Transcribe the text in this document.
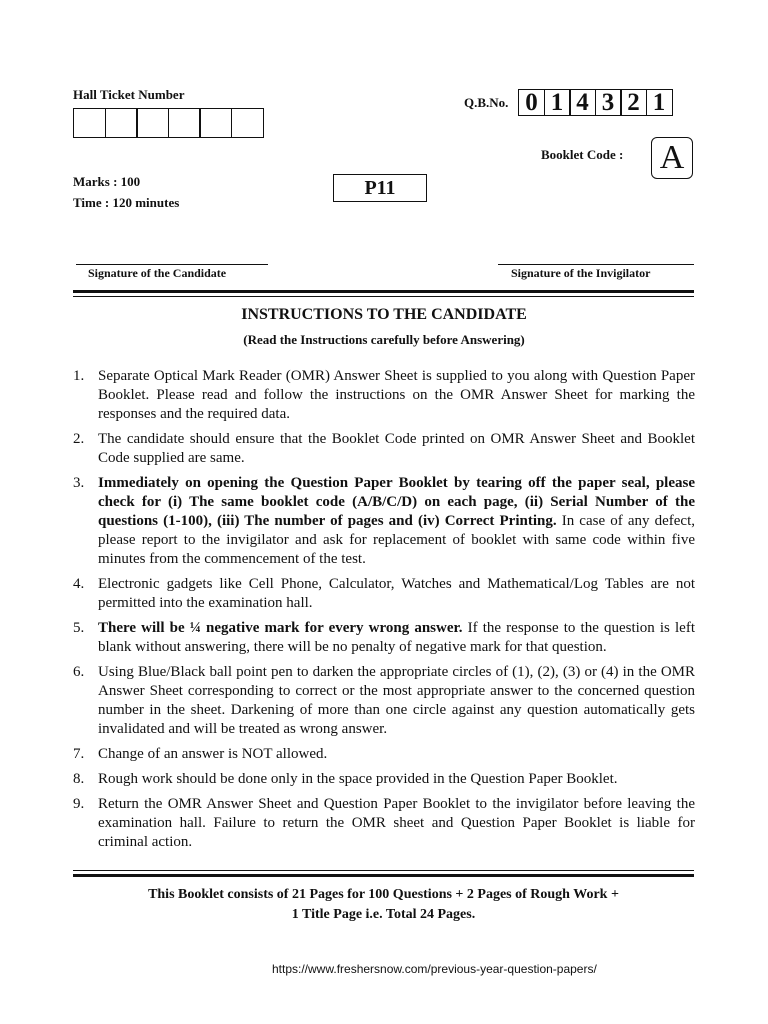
Hall Ticket Number
Q.B.No. 0 1 4 3 2 1
Booklet Code : A
Marks : 100
Time : 120 minutes
P11
Signature of the Candidate	Signature of the Invigilator
INSTRUCTIONS TO THE CANDIDATE
(Read the Instructions carefully before Answering)
1. Separate Optical Mark Reader (OMR) Answer Sheet is supplied to you along with Question Paper Booklet. Please read and follow the instructions on the OMR Answer Sheet for marking the responses and the required data.
2. The candidate should ensure that the Booklet Code printed on OMR Answer Sheet and Booklet Code supplied are same.
3. Immediately on opening the Question Paper Booklet by tearing off the paper seal, please check for (i) The same booklet code (A/B/C/D) on each page, (ii) Serial Number of the questions (1-100), (iii) The number of pages and (iv) Correct Printing. In case of any defect, please report to the invigilator and ask for replacement of booklet with same code within five minutes from the commencement of the test.
4. Electronic gadgets like Cell Phone, Calculator, Watches and Mathematical/Log Tables are not permitted into the examination hall.
5. There will be ¼ negative mark for every wrong answer. If the response to the question is left blank without answering, there will be no penalty of negative mark for that question.
6. Using Blue/Black ball point pen to darken the appropriate circles of (1), (2), (3) or (4) in the OMR Answer Sheet corresponding to correct or the most appropriate answer to the concerned question number in the sheet. Darkening of more than one circle against any question automatically gets invalidated and will be treated as wrong answer.
7. Change of an answer is NOT allowed.
8. Rough work should be done only in the space provided in the Question Paper Booklet.
9. Return the OMR Answer Sheet and Question Paper Booklet to the invigilator before leaving the examination hall. Failure to return the OMR sheet and Question Paper Booklet is liable for criminal action.
This Booklet consists of 21 Pages for 100 Questions + 2 Pages of Rough Work +
1 Title Page i.e. Total 24 Pages.
https://www.freshersnow.com/previous-year-question-papers/
